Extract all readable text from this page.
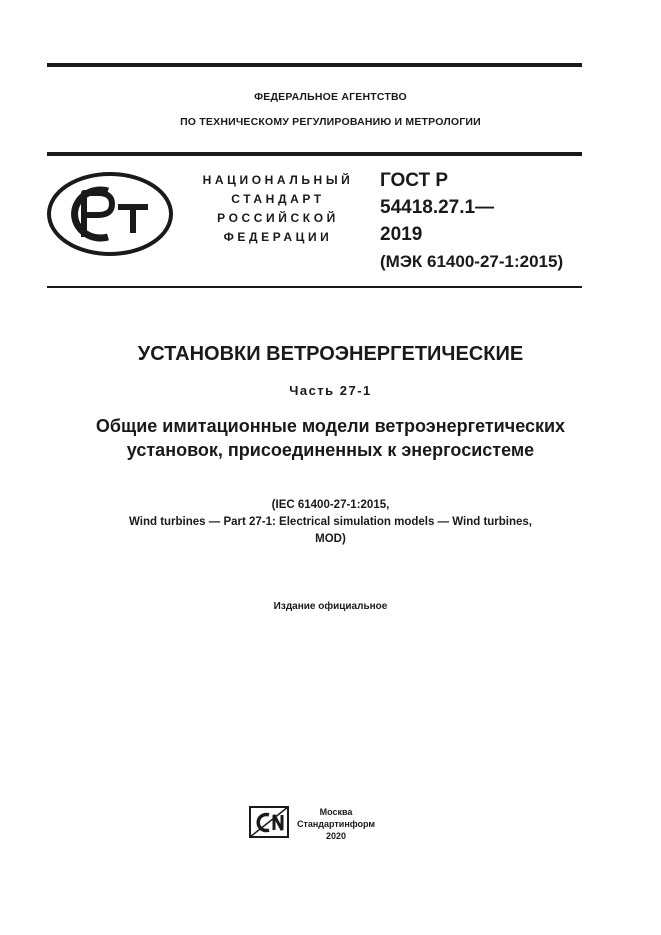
ФЕДЕРАЛЬНОЕ АГЕНТСТВО
ПО ТЕХНИЧЕСКОМУ РЕГУЛИРОВАНИЮ И МЕТРОЛОГИИ
НАЦИОНАЛЬНЫЙ
СТАНДАРТ
РОССИЙСКОЙ
ФЕДЕРАЦИИ
ГОСТ Р
54418.27.1—
2019
(МЭК 61400-27-1:2015)
УСТАНОВКИ ВЕТРОЭНЕРГЕТИЧЕСКИЕ
Часть 27-1
Общие имитационные модели ветроэнергетических
установок, присоединенных к энергосистеме
(IEC 61400-27-1:2015,
Wind turbines — Part 27-1: Electrical simulation models — Wind turbines,
MOD)
Издание официальное
Москва
Стандартинформ
2020
